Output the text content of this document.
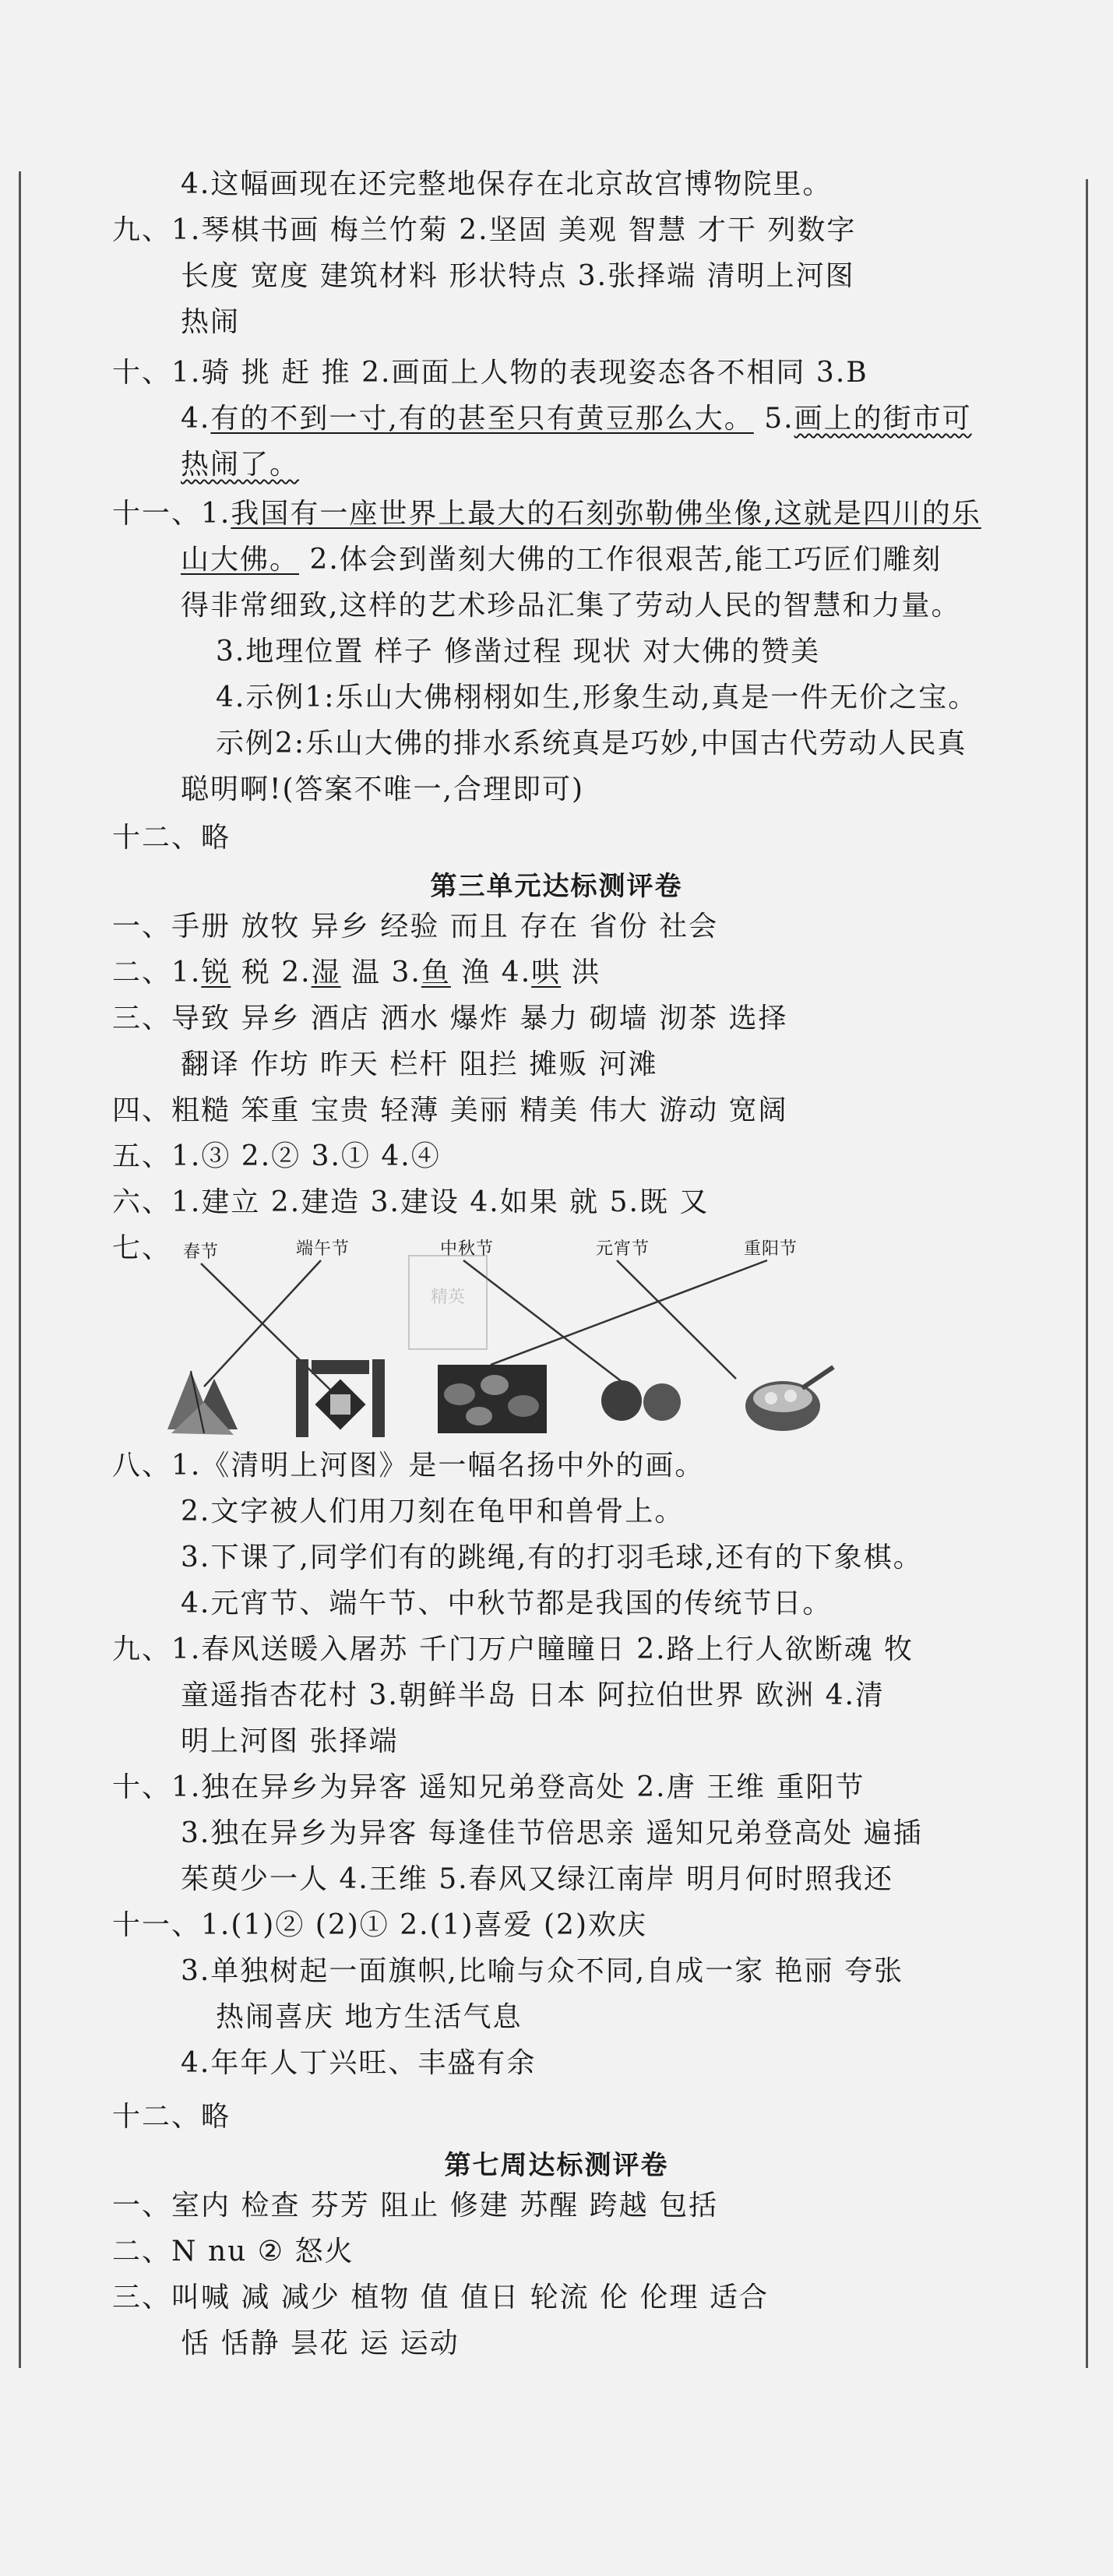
4.这幅画现在还完整地保存在北京故宫博物院里。
九、1.琴棋书画 梅兰竹菊 2.坚固 美观 智慧 才干 列数字
长度 宽度 建筑材料 形状特点 3.张择端 清明上河图
热闹
十、1.骑 挑 赶 推 2.画面上人物的表现姿态各不相同 3.B
4.有的不到一寸,有的甚至只有黄豆那么大。 5.画上的街市可
热闹了。
十一、1.我国有一座世界上最大的石刻弥勒佛坐像,这就是四川的乐
山大佛。 2.体会到凿刻大佛的工作很艰苦,能工巧匠们雕刻
得非常细致,这样的艺术珍品汇集了劳动人民的智慧和力量。
3.地理位置 样子 修凿过程 现状 对大佛的赞美
4.示例1:乐山大佛栩栩如生,形象生动,真是一件无价之宝。
示例2:乐山大佛的排水系统真是巧妙,中国古代劳动人民真
聪明啊!(答案不唯一,合理即可)
十二、略
第三单元达标测评卷
一、手册 放牧 异乡 经验 而且 存在 省份 社会
二、1.锐 税 2.湿 温 3.鱼 渔 4.哄 洪
三、导致 异乡 酒店 洒水 爆炸 暴力 砌墙 沏茶 选择
翻译 作坊 昨天 栏杆 阻拦 摊贩 河滩
四、粗糙 笨重 宝贵 轻薄 美丽 精美 伟大 游动 宽阔
五、1.③ 2.② 3.① 4.④
六、1.建立 2.建造 3.建设 4.如果 就 5.既 又
七、 春节	端午节	中秋节	元宵节	重阳节
精英
八、1.《清明上河图》是一幅名扬中外的画。
2.文字被人们用刀刻在龟甲和兽骨上。
3.下课了,同学们有的跳绳,有的打羽毛球,还有的下象棋。
4.元宵节、端午节、中秋节都是我国的传统节日。
九、1.春风送暖入屠苏 千门万户瞳瞳日 2.路上行人欲断魂 牧
童遥指杏花村 3.朝鲜半岛 日本 阿拉伯世界 欧洲 4.清
明上河图 张择端
十、1.独在异乡为异客 遥知兄弟登高处 2.唐 王维 重阳节
3.独在异乡为异客 每逢佳节倍思亲 遥知兄弟登高处 遍插
茱萸少一人 4.王维 5.春风又绿江南岸 明月何时照我还
十一、1.(1)② (2)① 2.(1)喜爱 (2)欢庆
3.单独树起一面旗帜,比喻与众不同,自成一家 艳丽 夸张
热闹喜庆 地方生活气息
4.年年人丁兴旺、丰盛有余
十二、略
第七周达标测评卷
一、室内 检查 芬芳 阻止 修建 苏醒 跨越 包括
二、N nu ② 怒火
三、叫喊 减 减少 植物 值 值日 轮流 伦 伦理 适合
恬 恬静 昙花 运 运动
